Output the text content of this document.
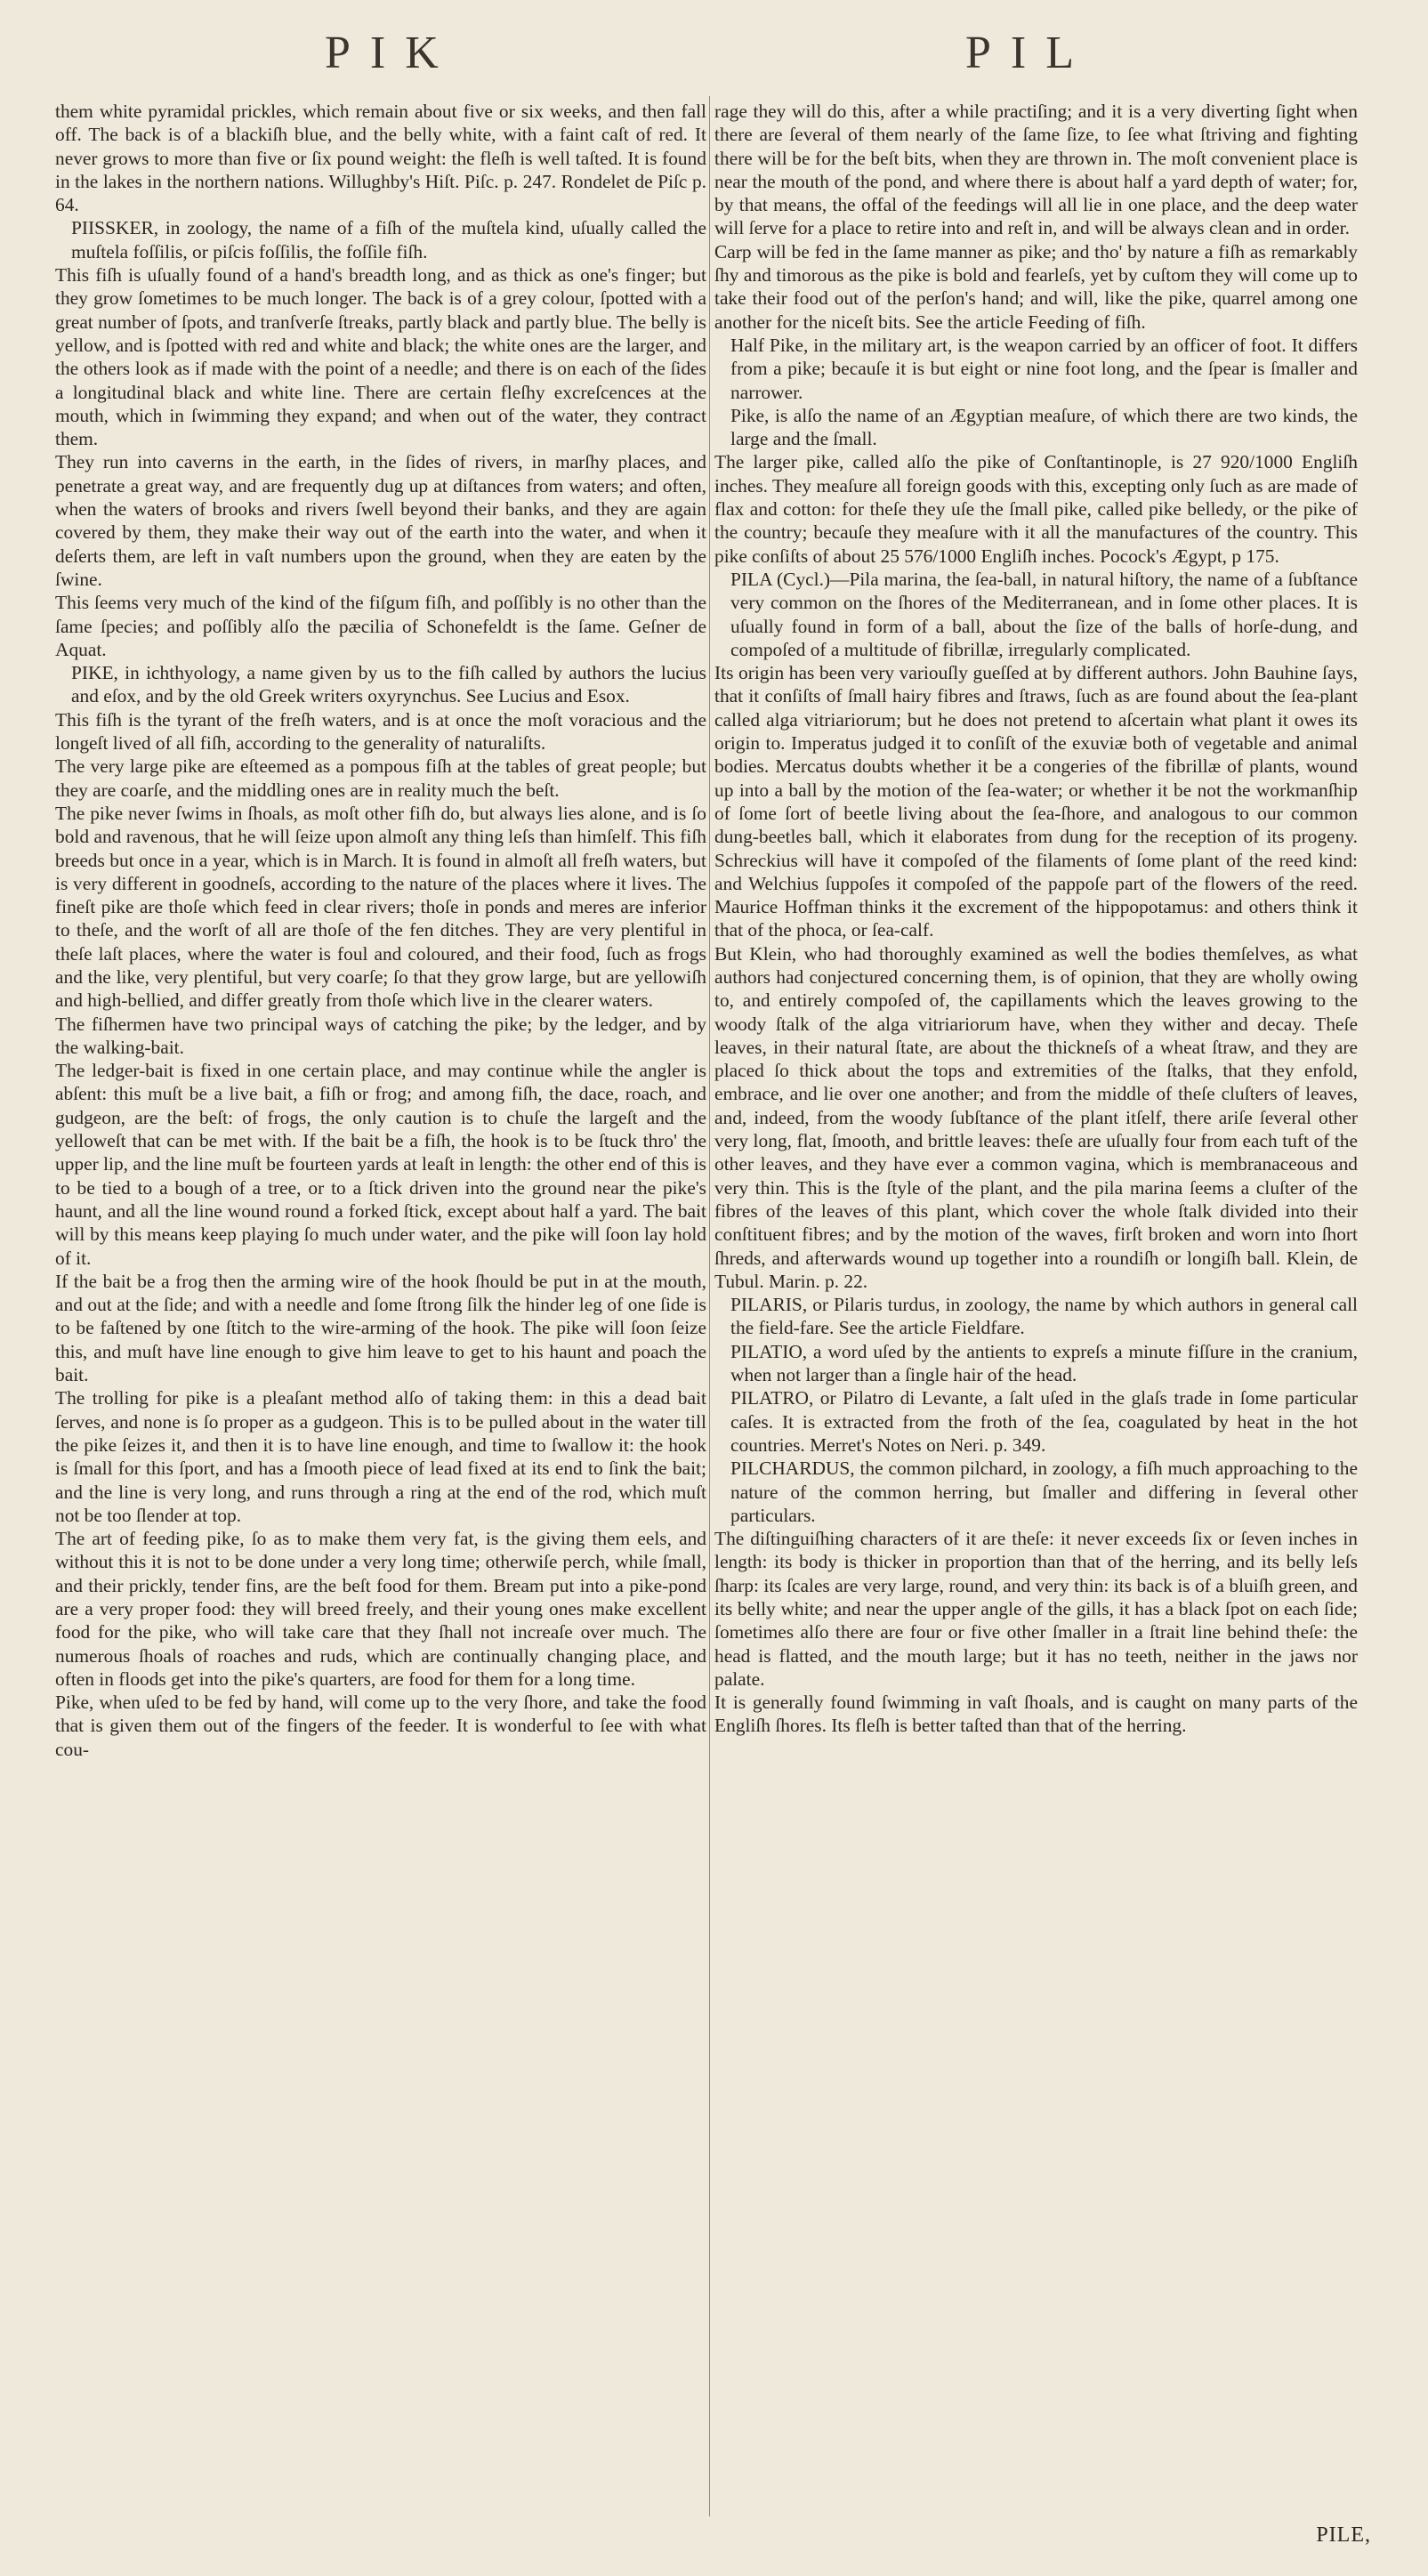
PIK	PIL

them white pyramidal prickles, which remain about five or six weeks, and then fall off. The back is of a blackiſh blue, and the belly white, with a faint caſt of red. It never grows to more than five or ſix pound weight: the fleſh is well taſted. It is found in the lakes in the northern nations. Willughby's Hiſt. Piſc. p. 247. Rondelet de Piſc p. 64.

PIISSKER, in zoology, the name of a fiſh of the muſtela kind, uſually called the muſtela foſſilis, or piſcis foſſilis, the foſſile fiſh.

This fiſh is uſually found of a hand's breadth long, and as thick as one's finger; but they grow ſometimes to be much longer. The back is of a grey colour, ſpotted with a great number of ſpots, and tranſverſe ſtreaks, partly black and partly blue. The belly is yellow, and is ſpotted with red and white and black; the white ones are the larger, and the others look as if made with the point of a needle; and there is on each of the ſides a longitudinal black and white line. There are certain fleſhy excreſcences at the mouth, which in ſwimming they expand; and when out of the water, they contract them.

They run into caverns in the earth, in the ſides of rivers, in marſhy places, and penetrate a great way, and are frequently dug up at diſtances from waters; and often, when the waters of brooks and rivers ſwell beyond their banks, and they are again covered by them, they make their way out of the earth into the water, and when it deſerts them, are left in vaſt numbers upon the ground, when they are eaten by the ſwine.

This ſeems very much of the kind of the fiſgum fiſh, and poſſibly is no other than the ſame ſpecies; and poſſibly alſo the pæcilia of Schonefeldt is the ſame. Geſner de Aquat.

PIKE, in ichthyology, a name given by us to the fiſh called by authors the lucius and eſox, and by the old Greek writers oxyrynchus. See Lucius and Esox.

This fiſh is the tyrant of the freſh waters, and is at once the moſt voracious and the longeſt lived of all fiſh, according to the generality of naturaliſts.

The very large pike are eſteemed as a pompous fiſh at the tables of great people; but they are coarſe, and the middling ones are in reality much the beſt.

The pike never ſwims in ſhoals, as moſt other fiſh do, but always lies alone, and is ſo bold and ravenous, that he will ſeize upon almoſt any thing leſs than himſelf. This fiſh breeds but once in a year, which is in March. It is found in almoſt all freſh waters, but is very different in goodneſs, according to the nature of the places where it lives. The fineſt pike are thoſe which feed in clear rivers; thoſe in ponds and meres are inferior to theſe, and the worſt of all are thoſe of the fen ditches. They are very plentiful in theſe laſt places, where the water is foul and coloured, and their food, ſuch as frogs and the like, very plentiful, but very coarſe; ſo that they grow large, but are yellowiſh and high-bellied, and differ greatly from thoſe which live in the clearer waters.

The fiſhermen have two principal ways of catching the pike; by the ledger, and by the walking-bait.

The ledger-bait is fixed in one certain place, and may continue while the angler is abſent: this muſt be a live bait, a fiſh or frog; and among fiſh, the dace, roach, and gudgeon, are the beſt: of frogs, the only caution is to chuſe the largeſt and the yelloweſt that can be met with. If the bait be a fiſh, the hook is to be ſtuck thro' the upper lip, and the line muſt be fourteen yards at leaſt in length: the other end of this is to be tied to a bough of a tree, or to a ſtick driven into the ground near the pike's haunt, and all the line wound round a forked ſtick, except about half a yard. The bait will by this means keep playing ſo much under water, and the pike will ſoon lay hold of it.

If the bait be a frog then the arming wire of the hook ſhould be put in at the mouth, and out at the ſide; and with a needle and ſome ſtrong ſilk the hinder leg of one ſide is to be faſtened by one ſtitch to the wire-arming of the hook. The pike will ſoon ſeize this, and muſt have line enough to give him leave to get to his haunt and poach the bait.

The trolling for pike is a pleaſant method alſo of taking them: in this a dead bait ſerves, and none is ſo proper as a gudgeon. This is to be pulled about in the water till the pike ſeizes it, and then it is to have line enough, and time to ſwallow it: the hook is ſmall for this ſport, and has a ſmooth piece of lead fixed at its end to ſink the bait; and the line is very long, and runs through a ring at the end of the rod, which muſt not be too ſlender at top.

The art of feeding pike, ſo as to make them very fat, is the giving them eels, and without this it is not to be done under a very long time; otherwiſe perch, while ſmall, and their prickly, tender fins, are the beſt food for them. Bream put into a pike-pond are a very proper food: they will breed freely, and their young ones make excellent food for the pike, who will take care that they ſhall not increaſe over much. The numerous ſhoals of roaches and ruds, which are continually changing place, and often in floods get into the pike's quarters, are food for them for a long time.

Pike, when uſed to be fed by hand, will come up to the very ſhore, and take the food that is given them out of the fingers of the feeder. It is wonderful to ſee with what cou-

rage they will do this, after a while practiſing; and it is a very diverting ſight when there are ſeveral of them nearly of the ſame ſize, to ſee what ſtriving and fighting there will be for the beſt bits, when they are thrown in. The moſt convenient place is near the mouth of the pond, and where there is about half a yard depth of water; for, by that means, the offal of the feedings will all lie in one place, and the deep water will ſerve for a place to retire into and reſt in, and will be always clean and in order.

Carp will be fed in the ſame manner as pike; and tho' by nature a fiſh as remarkably ſhy and timorous as the pike is bold and fearleſs, yet by cuſtom they will come up to take their food out of the perſon's hand; and will, like the pike, quarrel among one another for the niceſt bits. See the article Feeding of fiſh.

Half Pike, in the military art, is the weapon carried by an officer of foot. It differs from a pike; becauſe it is but eight or nine foot long, and the ſpear is ſmaller and narrower.

Pike, is alſo the name of an Ægyptian meaſure, of which there are two kinds, the large and the ſmall.

The larger pike, called alſo the pike of Conſtantinople, is 27 920/1000 Engliſh inches. They meaſure all foreign goods with this, excepting only ſuch as are made of flax and cotton: for theſe they uſe the ſmall pike, called pike belledy, or the pike of the country; becauſe they meaſure with it all the manufactures of the country. This pike conſiſts of about 25 576/1000 Engliſh inches. Pocock's Ægypt, p 175.

PILA (Cycl.)—Pila marina, the ſea-ball, in natural hiſtory, the name of a ſubſtance very common on the ſhores of the Mediterranean, and in ſome other places. It is uſually found in form of a ball, about the ſize of the balls of horſe-dung, and compoſed of a multitude of fibrillæ, irregularly complicated.

Its origin has been very variouſly gueſſed at by different authors. John Bauhine ſays, that it conſiſts of ſmall hairy fibres and ſtraws, ſuch as are found about the ſea-plant called alga vitriariorum; but he does not pretend to aſcertain what plant it owes its origin to. Imperatus judged it to conſiſt of the exuviæ both of vegetable and animal bodies. Mercatus doubts whether it be a congeries of the fibrillæ of plants, wound up into a ball by the motion of the ſea-water; or whether it be not the workmanſhip of ſome ſort of beetle living about the ſea-ſhore, and analogous to our common dung-beetles ball, which it elaborates from dung for the reception of its progeny. Schreckius will have it compoſed of the filaments of ſome plant of the reed kind: and Welchius ſuppoſes it compoſed of the pappoſe part of the flowers of the reed. Maurice Hoffman thinks it the excrement of the hippopotamus: and others think it that of the phoca, or ſea-calf.

But Klein, who had thoroughly examined as well the bodies themſelves, as what authors had conjectured concerning them, is of opinion, that they are wholly owing to, and entirely compoſed of, the capillaments which the leaves growing to the woody ſtalk of the alga vitriariorum have, when they wither and decay. Theſe leaves, in their natural ſtate, are about the thickneſs of a wheat ſtraw, and they are placed ſo thick about the tops and extremities of the ſtalks, that they enfold, embrace, and lie over one another; and from the middle of theſe cluſters of leaves, and, indeed, from the woody ſubſtance of the plant itſelf, there ariſe ſeveral other very long, flat, ſmooth, and brittle leaves: theſe are uſually four from each tuft of the other leaves, and they have ever a common vagina, which is membranaceous and very thin. This is the ſtyle of the plant, and the pila marina ſeems a cluſter of the fibres of the leaves of this plant, which cover the whole ſtalk divided into their conſtituent fibres; and by the motion of the waves, firſt broken and worn into ſhort ſhreds, and afterwards wound up together into a roundiſh or longiſh ball. Klein, de Tubul. Marin. p. 22.

PILARIS, or Pilaris turdus, in zoology, the name by which authors in general call the field-fare. See the article Fieldfare.

PILATIO, a word uſed by the antients to expreſs a minute fiſſure in the cranium, when not larger than a ſingle hair of the head.

PILATRO, or Pilatro di Levante, a ſalt uſed in the glaſs trade in ſome particular caſes. It is extracted from the froth of the ſea, coagulated by heat in the hot countries. Merret's Notes on Neri. p. 349.

PILCHARDUS, the common pilchard, in zoology, a fiſh much approaching to the nature of the common herring, but ſmaller and differing in ſeveral other particulars.

The diſtinguiſhing characters of it are theſe: it never exceeds ſix or ſeven inches in length: its body is thicker in proportion than that of the herring, and its belly leſs ſharp: its ſcales are very large, round, and very thin: its back is of a bluiſh green, and its belly white; and near the upper angle of the gills, it has a black ſpot on each ſide; ſometimes alſo there are four or five other ſmaller in a ſtrait line behind theſe: the head is flatted, and the mouth large; but it has no teeth, neither in the jaws nor palate.

It is generally found ſwimming in vaſt ſhoals, and is caught on many parts of the Engliſh ſhores. Its fleſh is better taſted than that of the herring.

PILE,
